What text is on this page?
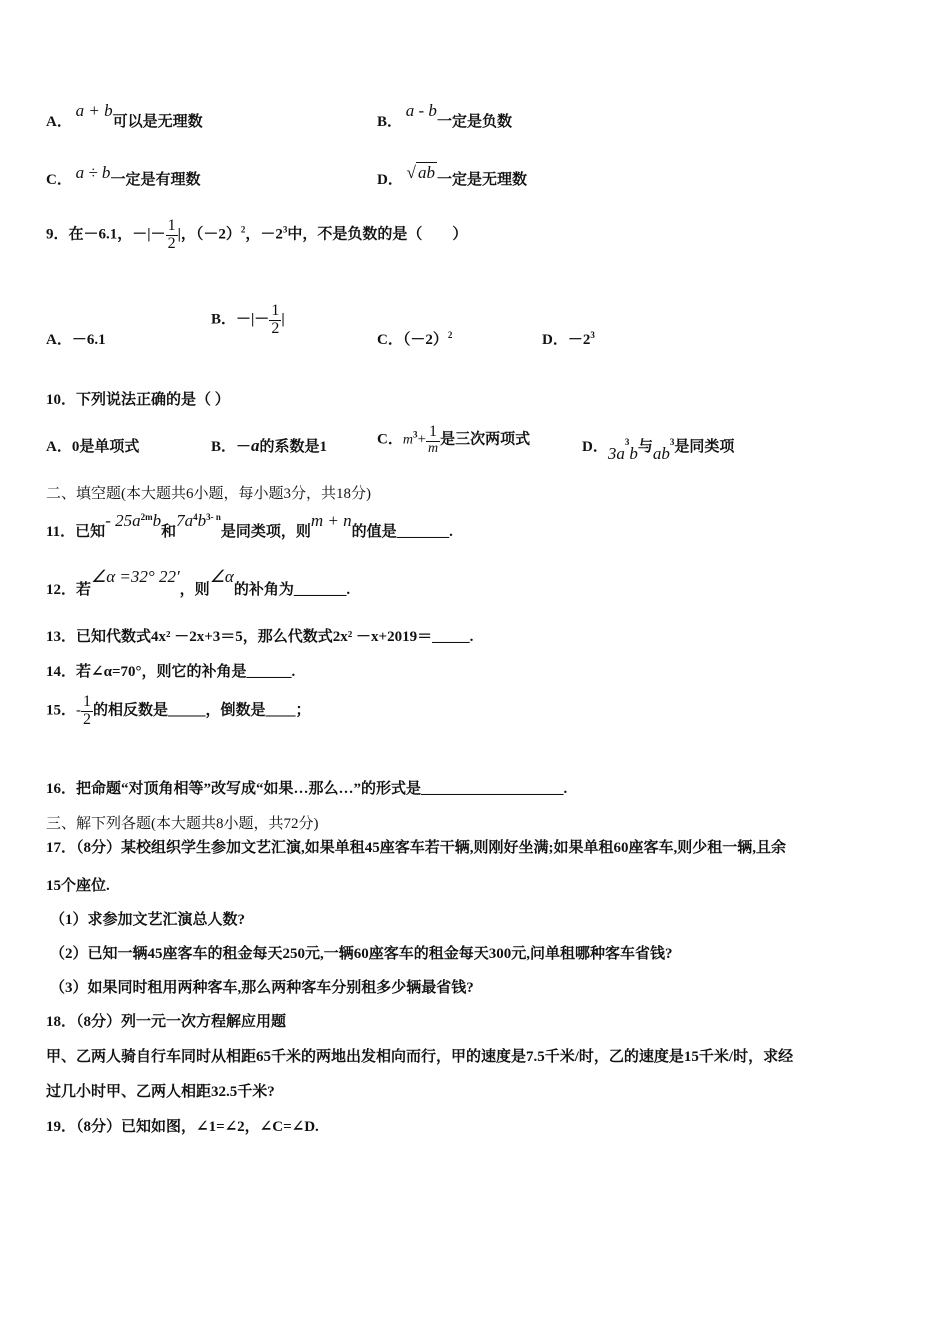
A． a + b可以是无理数	B． a - b一定是负数
C． a ÷ b一定是有理数	D． √ ab 一定是无理数
9．在－6.1，－|－ $\frac{1}{2}$ |，$(-2)^2$，$-2^3$中，不是负数的是（　　）
A．－6.1
B．－|－ $\frac{1}{2}$ |
C．$(-2)^2$	D．$-2^3$
10．下列说法正确的是（ ）
A．0是单项式	B．－a的系数是1	C．$m^3+ \frac{1}{m}$ 是三次两项式	D．$3a^3b$与$ab^3$是同类项
二、填空题(本大题共6小题，每小题3分，共18分)
11．已知- $25a^{2m}b$和$7a^4b^{3- n}$是同类项，则m + n的值是_______.
12．若∠α =32° 22′，则∠α的补角为_______.
13．已知代数式4x² －2x+3＝5，那么代数式2x² －x+2019＝_____.
14．若∠α=70°，则它的补角是______.
15．- $\frac{1}{2}$ 的相反数是_____，倒数是____；
16．把命题“对顶角相等”改写成“如果…那么…”的形式是___________________.
三、解下列各题(本大题共8小题，共72分)
17．（8分）某校组织学生参加文艺汇演,如果单租45座客车若干辆,则刚好坐满;如果单租60座客车,则少租一辆,且余
15个座位.
（1）求参加文艺汇演总人数?
（2）已知一辆45座客车的租金每天250元,一辆60座客车的租金每天300元,问单租哪种客车省钱?
（3）如果同时租用两种客车,那么两种客车分别租多少辆最省钱?
18．（8分）列一元一次方程解应用题
甲、乙两人骑自行车同时从相距65千米的两地出发相向而行，甲的速度是7.5千米/时，乙的速度是15千米/时，求经
过几小时甲、乙两人相距32.5千米?
19．（8分）已知如图，∠1=∠2，∠C=∠D.
